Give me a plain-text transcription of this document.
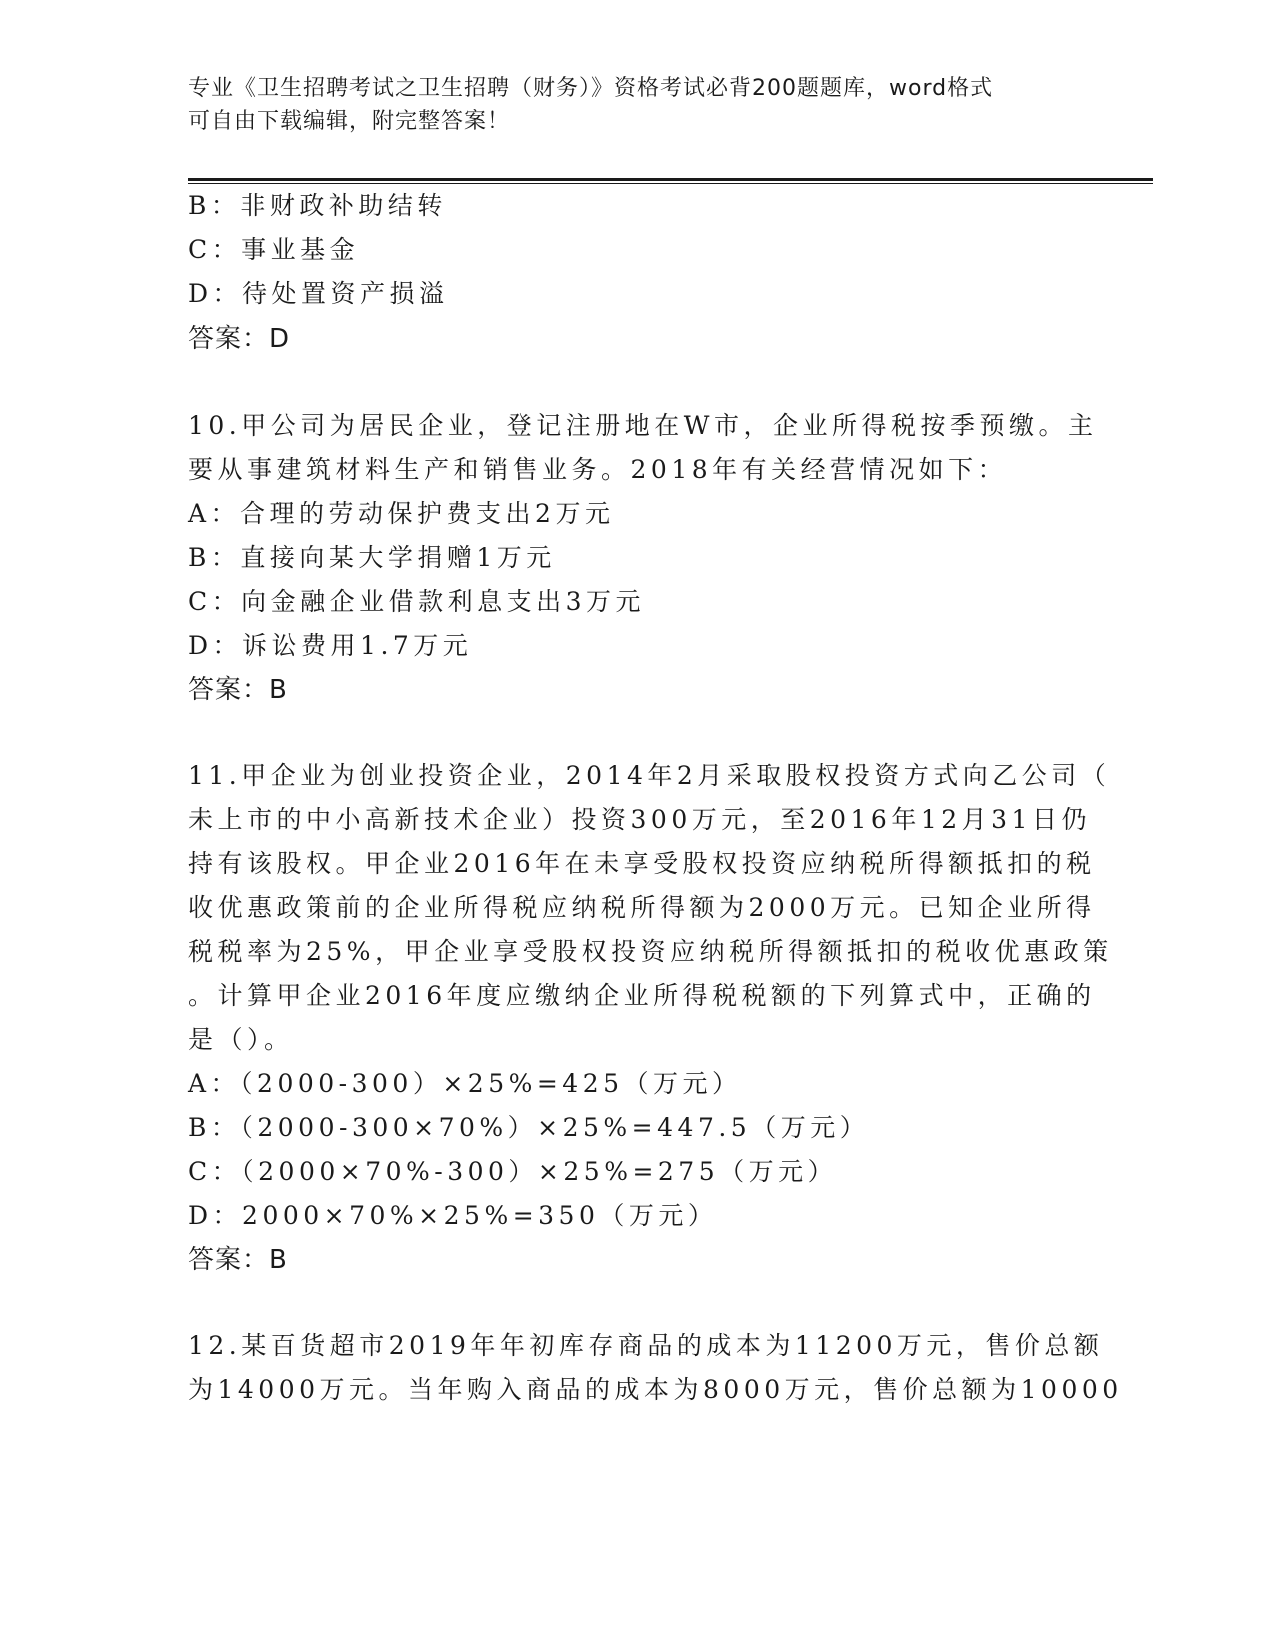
专业《卫生招聘考试之卫生招聘（财务）》资格考试必背200题题库，word格式
可自由下载编辑，附完整答案！
B：非财政补助结转
C：事业基金
D：待处置资产损溢
答案：D
10.甲公司为居民企业，登记注册地在W市，企业所得税按季预缴。主
要从事建筑材料生产和销售业务。2018年有关经营情况如下：
A：合理的劳动保护费支出2万元
B：直接向某大学捐赠1万元
C：向金融企业借款利息支出3万元
D：诉讼费用1.7万元
答案：B
11.甲企业为创业投资企业，2014年2月采取股权投资方式向乙公司（
未上市的中小高新技术企业）投资300万元，至2016年12月31日仍
持有该股权。甲企业2016年在未享受股权投资应纳税所得额抵扣的税
收优惠政策前的企业所得税应纳税所得额为2000万元。已知企业所得
税税率为25%，甲企业享受股权投资应纳税所得额抵扣的税收优惠政策
。计算甲企业2016年度应缴纳企业所得税税额的下列算式中，正确的
是（）。
A：（2000-300）×25%=425（万元）
B：（2000-300×70%）×25%=447.5（万元）
C：（2000×70%-300）×25%=275（万元）
D：2000×70%×25%=350（万元）
答案：B
12.某百货超市2019年年初库存商品的成本为11200万元，售价总额
为14000万元。当年购入商品的成本为8000万元，售价总额为10000
